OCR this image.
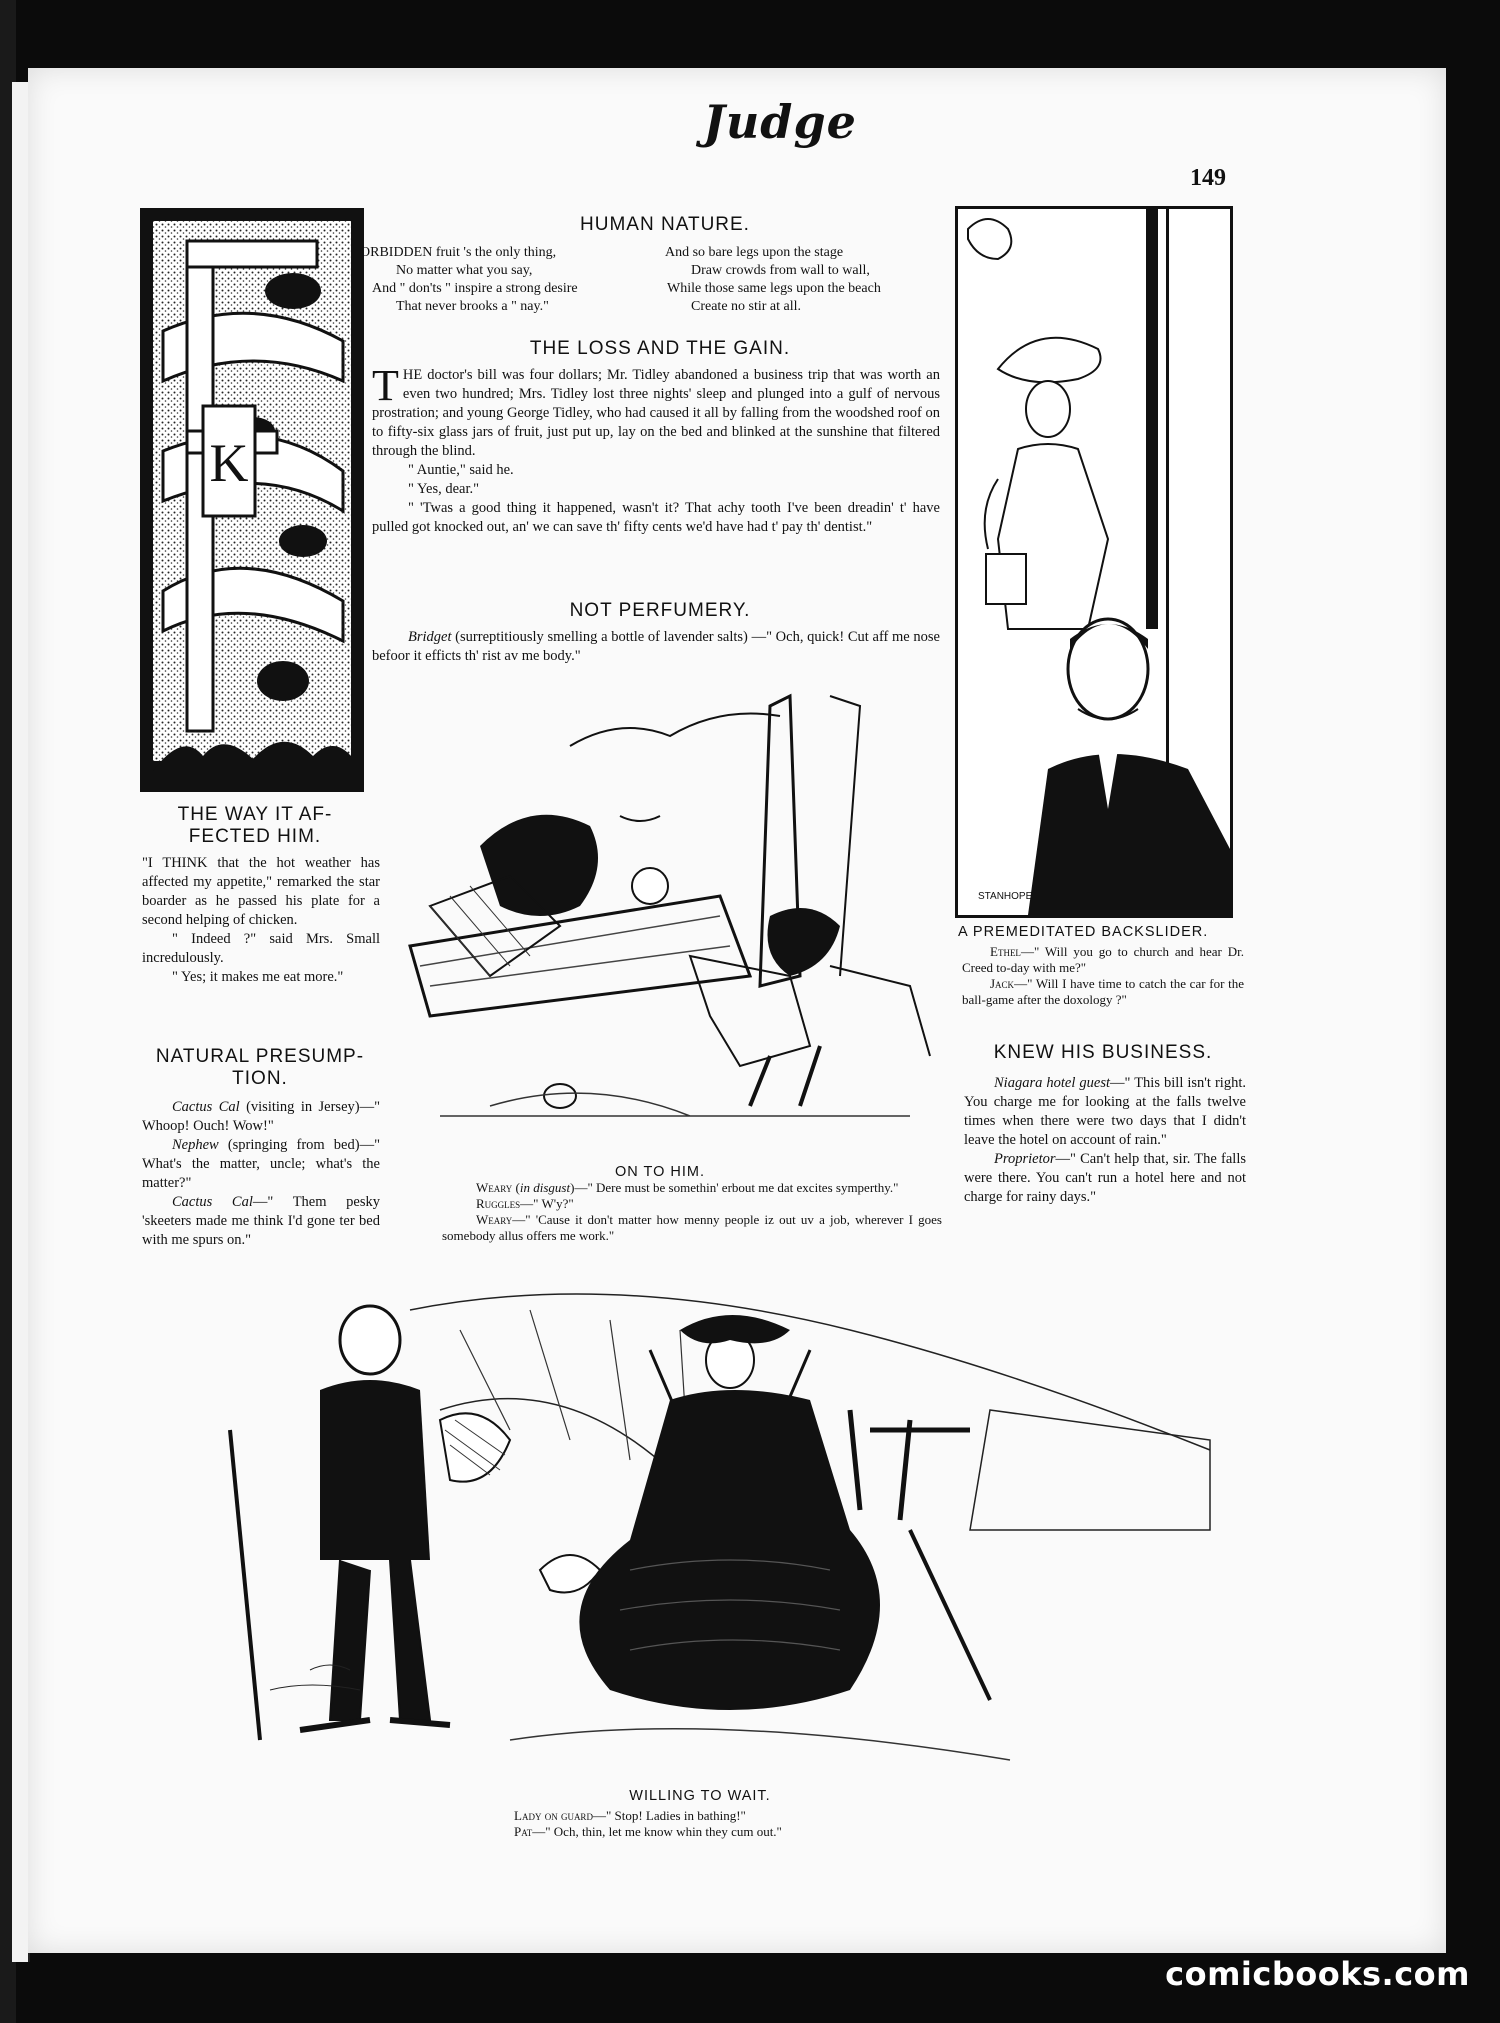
Judge
149
K
HUMAN NATURE.
ORBIDDEN fruit 's the only thing,
No matter what you say,
And " don'ts " inspire a strong desire
That never brooks a " nay."
And so bare legs upon the stage
Draw crowds from wall to wall,
While those same legs upon the beach
Create no stir at all.
THE LOSS AND THE GAIN.

THE doctor's bill was four dollars; Mr. Tidley abandoned a business trip that was worth an even two hundred; Mrs. Tidley lost three nights' sleep and plunged into a gulf of nervous prostration; and young George Tidley, who had caused it all by falling from the woodshed roof on to fifty-six glass jars of fruit, just put up, lay on the bed and blinked at the sunshine that filtered through the blind.

" Auntie," said he.

" Yes, dear."

" 'Twas a good thing it happened, wasn't it? That achy tooth I've been dreadin' t' have pulled got knocked out, an' we can save th' fifty cents we'd have had t' pay th' dentist."

NOT PERFUMERY.
Bridget (surreptitiously smelling a bottle of lavender salts) —" Och, quick! Cut aff me nose befoor it efficts th' rist av me body."
ON TO HIM.
Weary (in disgust)—" Dere must be somethin' erbout me dat excites symperthy."
Ruggles—" W'y?"
Weary—" 'Cause it don't matter how menny people iz out uv a job, wherever I goes somebody allus offers me work."
THE WAY IT AF- FECTED HIM.

"I THINK that the hot weather has affected my appetite," remarked the star boarder as he passed his plate for a second helping of chicken.

" Indeed ?" said Mrs. Small incredulously.

" Yes; it makes me eat more."

NATURAL PRESUMP- TION.

Cactus Cal (visiting in Jersey)—" Whoop! Ouch! Wow!"

Nephew (springing from bed)—" What's the matter, uncle; what's the matter?"

Cactus Cal—" Them pesky 'skeeters made me think I'd gone ter bed with me spurs on."

STANHOPE
A PREMEDITATED BACKSLIDER.
Ethel—" Will you go to church and hear Dr. Creed to-day with me?"
Jack—" Will I have time to catch the car for the ball-game after the doxology ?"
KNEW HIS BUSINESS.

Niagara hotel guest—" This bill isn't right. You charge me for looking at the falls twelve times when there were two days that I didn't leave the hotel on account of rain."

Proprietor—" Can't help that, sir. The falls were there. You can't run a hotel here and not charge for rainy days."

WILLING TO WAIT.
Lady on guard—" Stop! Ladies in bathing!"
Pat—" Och, thin, let me know whin they cum out."
comicbooks.com
